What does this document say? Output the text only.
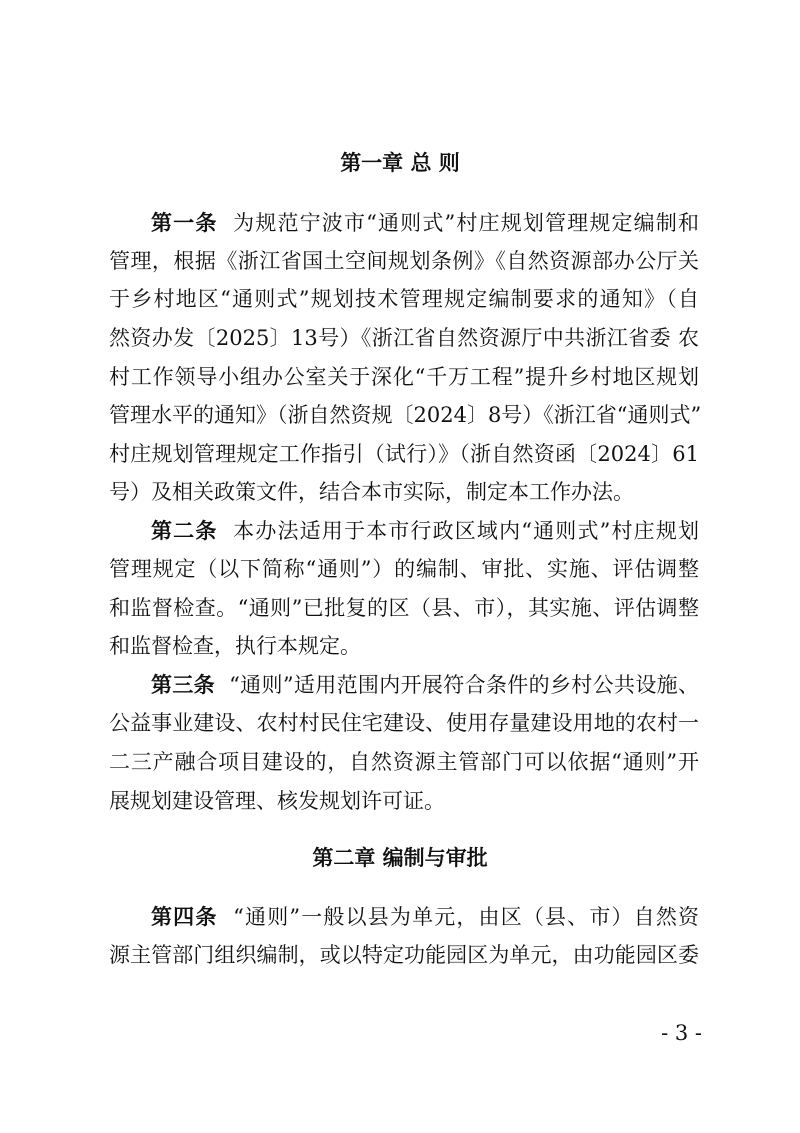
第一章 总 则
第一条 为规范宁波市“通则式”村庄规划管理规定编制和
管理，根据《浙江省国土空间规划条例》《自然资源部办公厅关
于乡村地区“通则式”规划技术管理规定编制要求的通知》（自
然资办发〔2025〕13号）《浙江省自然资源厅中共浙江省委 农
村工作领导小组办公室关于深化“千万工程”提升乡村地区规划
管理水平的通知》（浙自然资规〔2024〕8号）《浙江省“通则式”
村庄规划管理规定工作指引（试行）》（浙自然资函〔2024〕61
号）及相关政策文件，结合本市实际，制定本工作办法。
第二条 本办法适用于本市行政区域内“通则式”村庄规划
管理规定（以下简称“通则”）的编制、审批、实施、评估调整
和监督检查。“通则”已批复的区（县、市），其实施、评估调整
和监督检查，执行本规定。
第三条 “通则”适用范围内开展符合条件的乡村公共设施、
公益事业建设、农村村民住宅建设、使用存量建设用地的农村一
二三产融合项目建设的，自然资源主管部门可以依据“通则”开
展规划建设管理、核发规划许可证。
第二章 编制与审批
第四条 “通则”一般以县为单元，由区（县、市）自然资
源主管部门组织编制，或以特定功能园区为单元，由功能园区委
- 3 -
